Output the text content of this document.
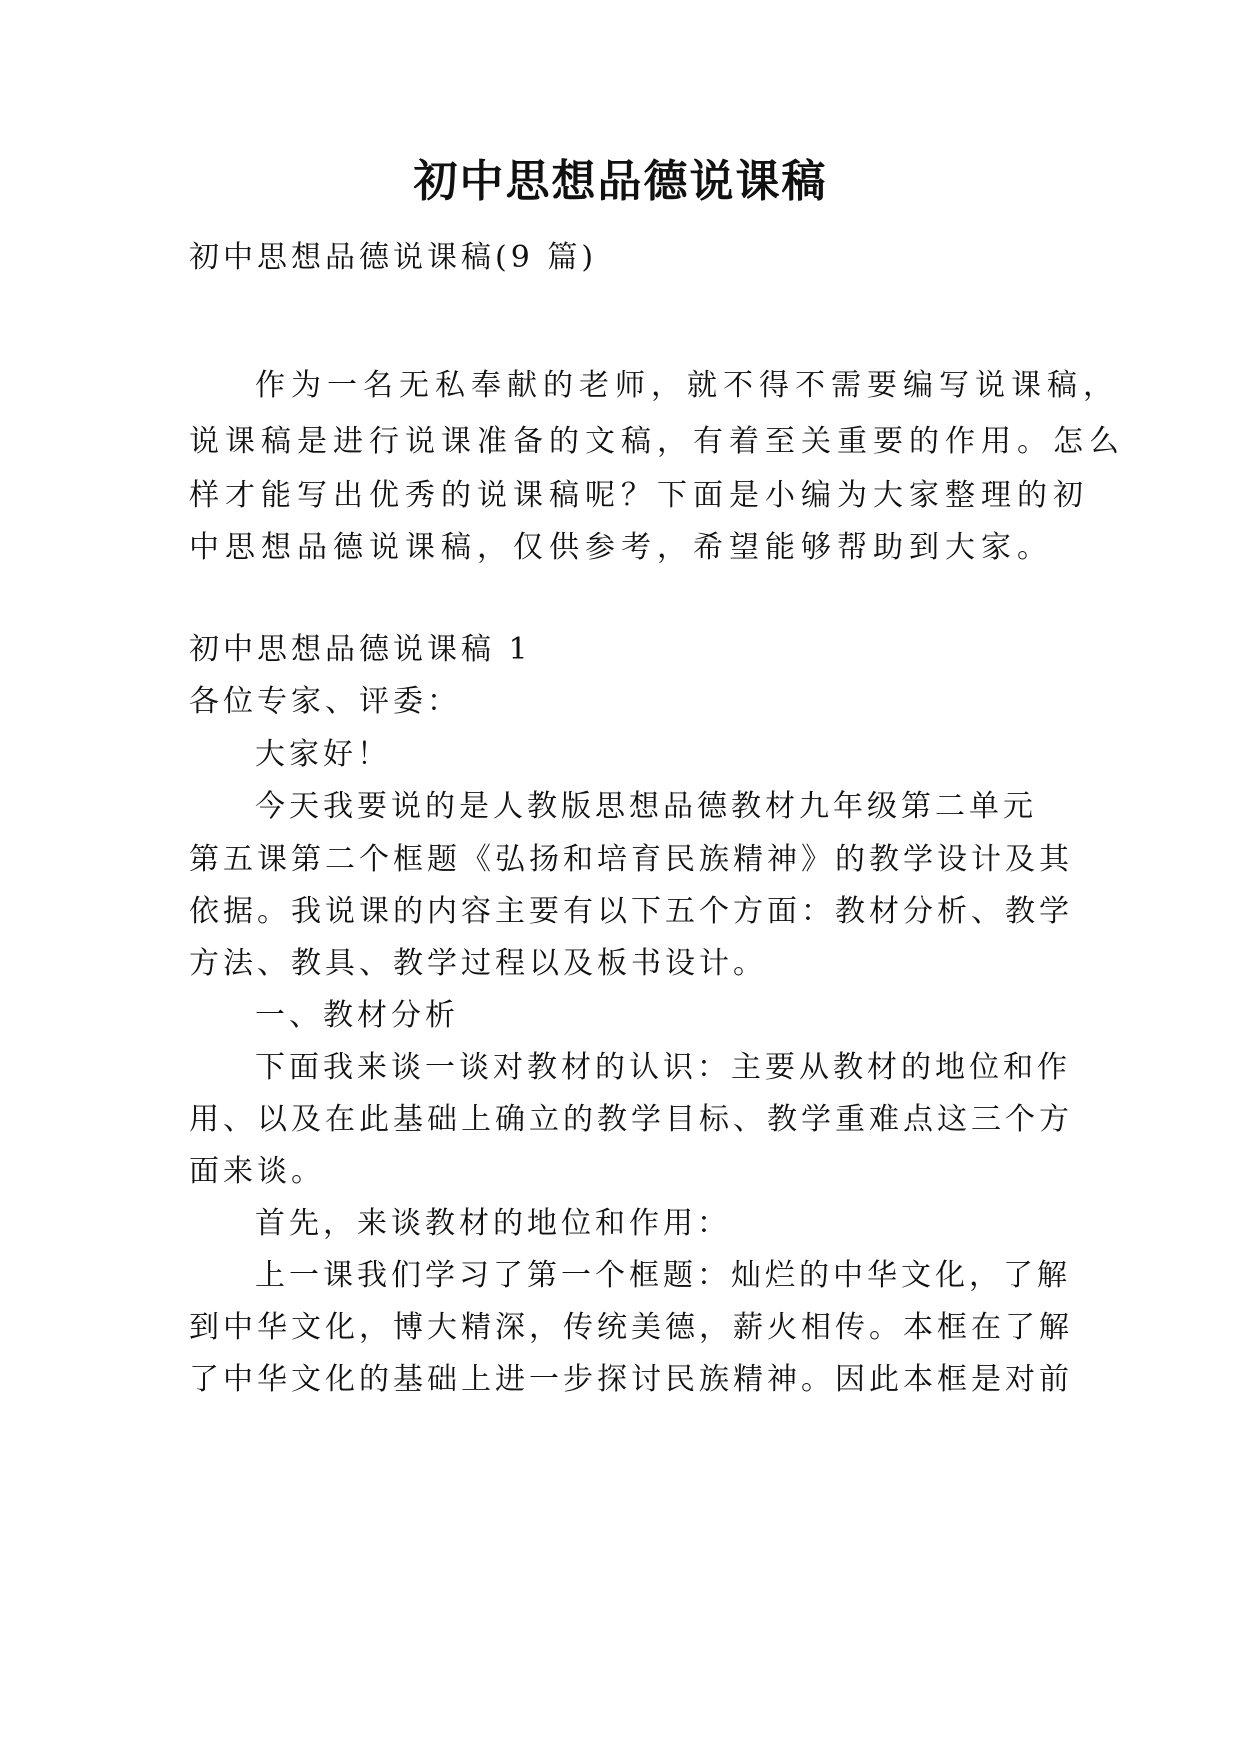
初中思想品德说课稿
初中思想品德说课稿(9 篇)
作为一名无私奉献的老师，就不得不需要编写说课稿，
说课稿是进行说课准备的文稿，有着至关重要的作用。怎么
样才能写出优秀的说课稿呢？下面是小编为大家整理的初
中思想品德说课稿，仅供参考，希望能够帮助到大家。
初中思想品德说课稿 1
各位专家、评委：
大家好！
今天我要说的是人教版思想品德教材九年级第二单元
第五课第二个框题《弘扬和培育民族精神》的教学设计及其
依据。我说课的内容主要有以下五个方面：教材分析、教学
方法、教具、教学过程以及板书设计。
一、教材分析
下面我来谈一谈对教材的认识：主要从教材的地位和作
用、以及在此基础上确立的教学目标、教学重难点这三个方
面来谈。
首先，来谈教材的地位和作用：
上一课我们学习了第一个框题：灿烂的中华文化，了解
到中华文化，博大精深，传统美德，薪火相传。本框在了解
了中华文化的基础上进一步探讨民族精神。因此本框是对前
